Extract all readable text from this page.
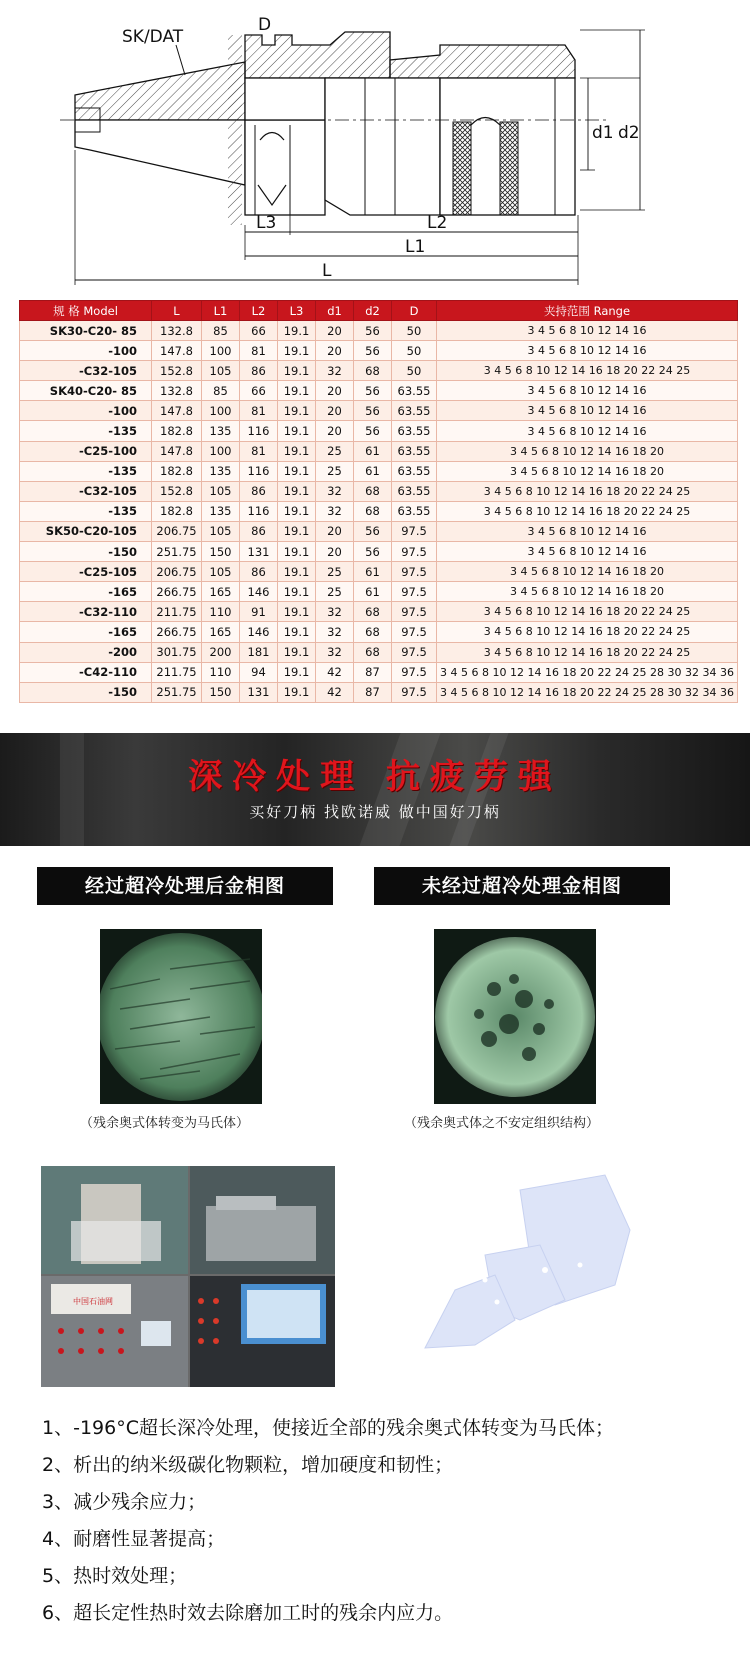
SK/DAT
D
d1 d2
L3	L2
L1
L
规 格 Model	L	L1	L2	L3	d1	d2	D	夹持范围 Range
SK30-C20- 85	132.8	85	66	19.1	20	56	50	3 4 5 6 8 10 12 14 16
-100	147.8	100	81	19.1	20	56	50	3 4 5 6 8 10 12 14 16
-C32-105	152.8	105	86	19.1	32	68	50	3 4 5 6 8 10 12 14 16 18 20 22 24 25
SK40-C20- 85	132.8	85	66	19.1	20	56	63.55	3 4 5 6 8 10 12 14 16
-100	147.8	100	81	19.1	20	56	63.55	3 4 5 6 8 10 12 14 16
-135	182.8	135	116	19.1	20	56	63.55	3 4 5 6 8 10 12 14 16
-C25-100	147.8	100	81	19.1	25	61	63.55	3 4 5 6 8 10 12 14 16 18 20
-135	182.8	135	116	19.1	25	61	63.55	3 4 5 6 8 10 12 14 16 18 20
-C32-105	152.8	105	86	19.1	32	68	63.55	3 4 5 6 8 10 12 14 16 18 20 22 24 25
-135	182.8	135	116	19.1	32	68	63.55	3 4 5 6 8 10 12 14 16 18 20 22 24 25
SK50-C20-105	206.75	105	86	19.1	20	56	97.5	3 4 5 6 8 10 12 14 16
-150	251.75	150	131	19.1	20	56	97.5	3 4 5 6 8 10 12 14 16
-C25-105	206.75	105	86	19.1	25	61	97.5	3 4 5 6 8 10 12 14 16 18 20
-165	266.75	165	146	19.1	25	61	97.5	3 4 5 6 8 10 12 14 16 18 20
-C32-110	211.75	110	91	19.1	32	68	97.5	3 4 5 6 8 10 12 14 16 18 20 22 24 25
-165	266.75	165	146	19.1	32	68	97.5	3 4 5 6 8 10 12 14 16 18 20 22 24 25
-200	301.75	200	181	19.1	32	68	97.5	3 4 5 6 8 10 12 14 16 18 20 22 24 25
-C42-110	211.75	110	94	19.1	42	87	97.5	3 4 5 6 8 10 12 14 16 18 20 22 24 25 28 30 32 34 36
-150	251.75	150	131	19.1	42	87	97.5	3 4 5 6 8 10 12 14 16 18 20 22 24 25 28 30 32 34 36
深冷处理 抗疲劳强
买好刀柄 找欧诺威 做中国好刀柄
经过超冷处理后金相图	未经过超冷处理金相图
（残余奥式体转变为马氏体）	（残余奥式体之不安定组织结构）
中国石油网
1、-196°C超长深冷处理，使接近全部的残余奥式体转变为马氏体；
2、析出的纳米级碳化物颗粒，增加硬度和韧性；
3、减少残余应力；
4、耐磨性显著提高；
5、热时效处理；
6、超长定性热时效去除磨加工时的残余内应力。
